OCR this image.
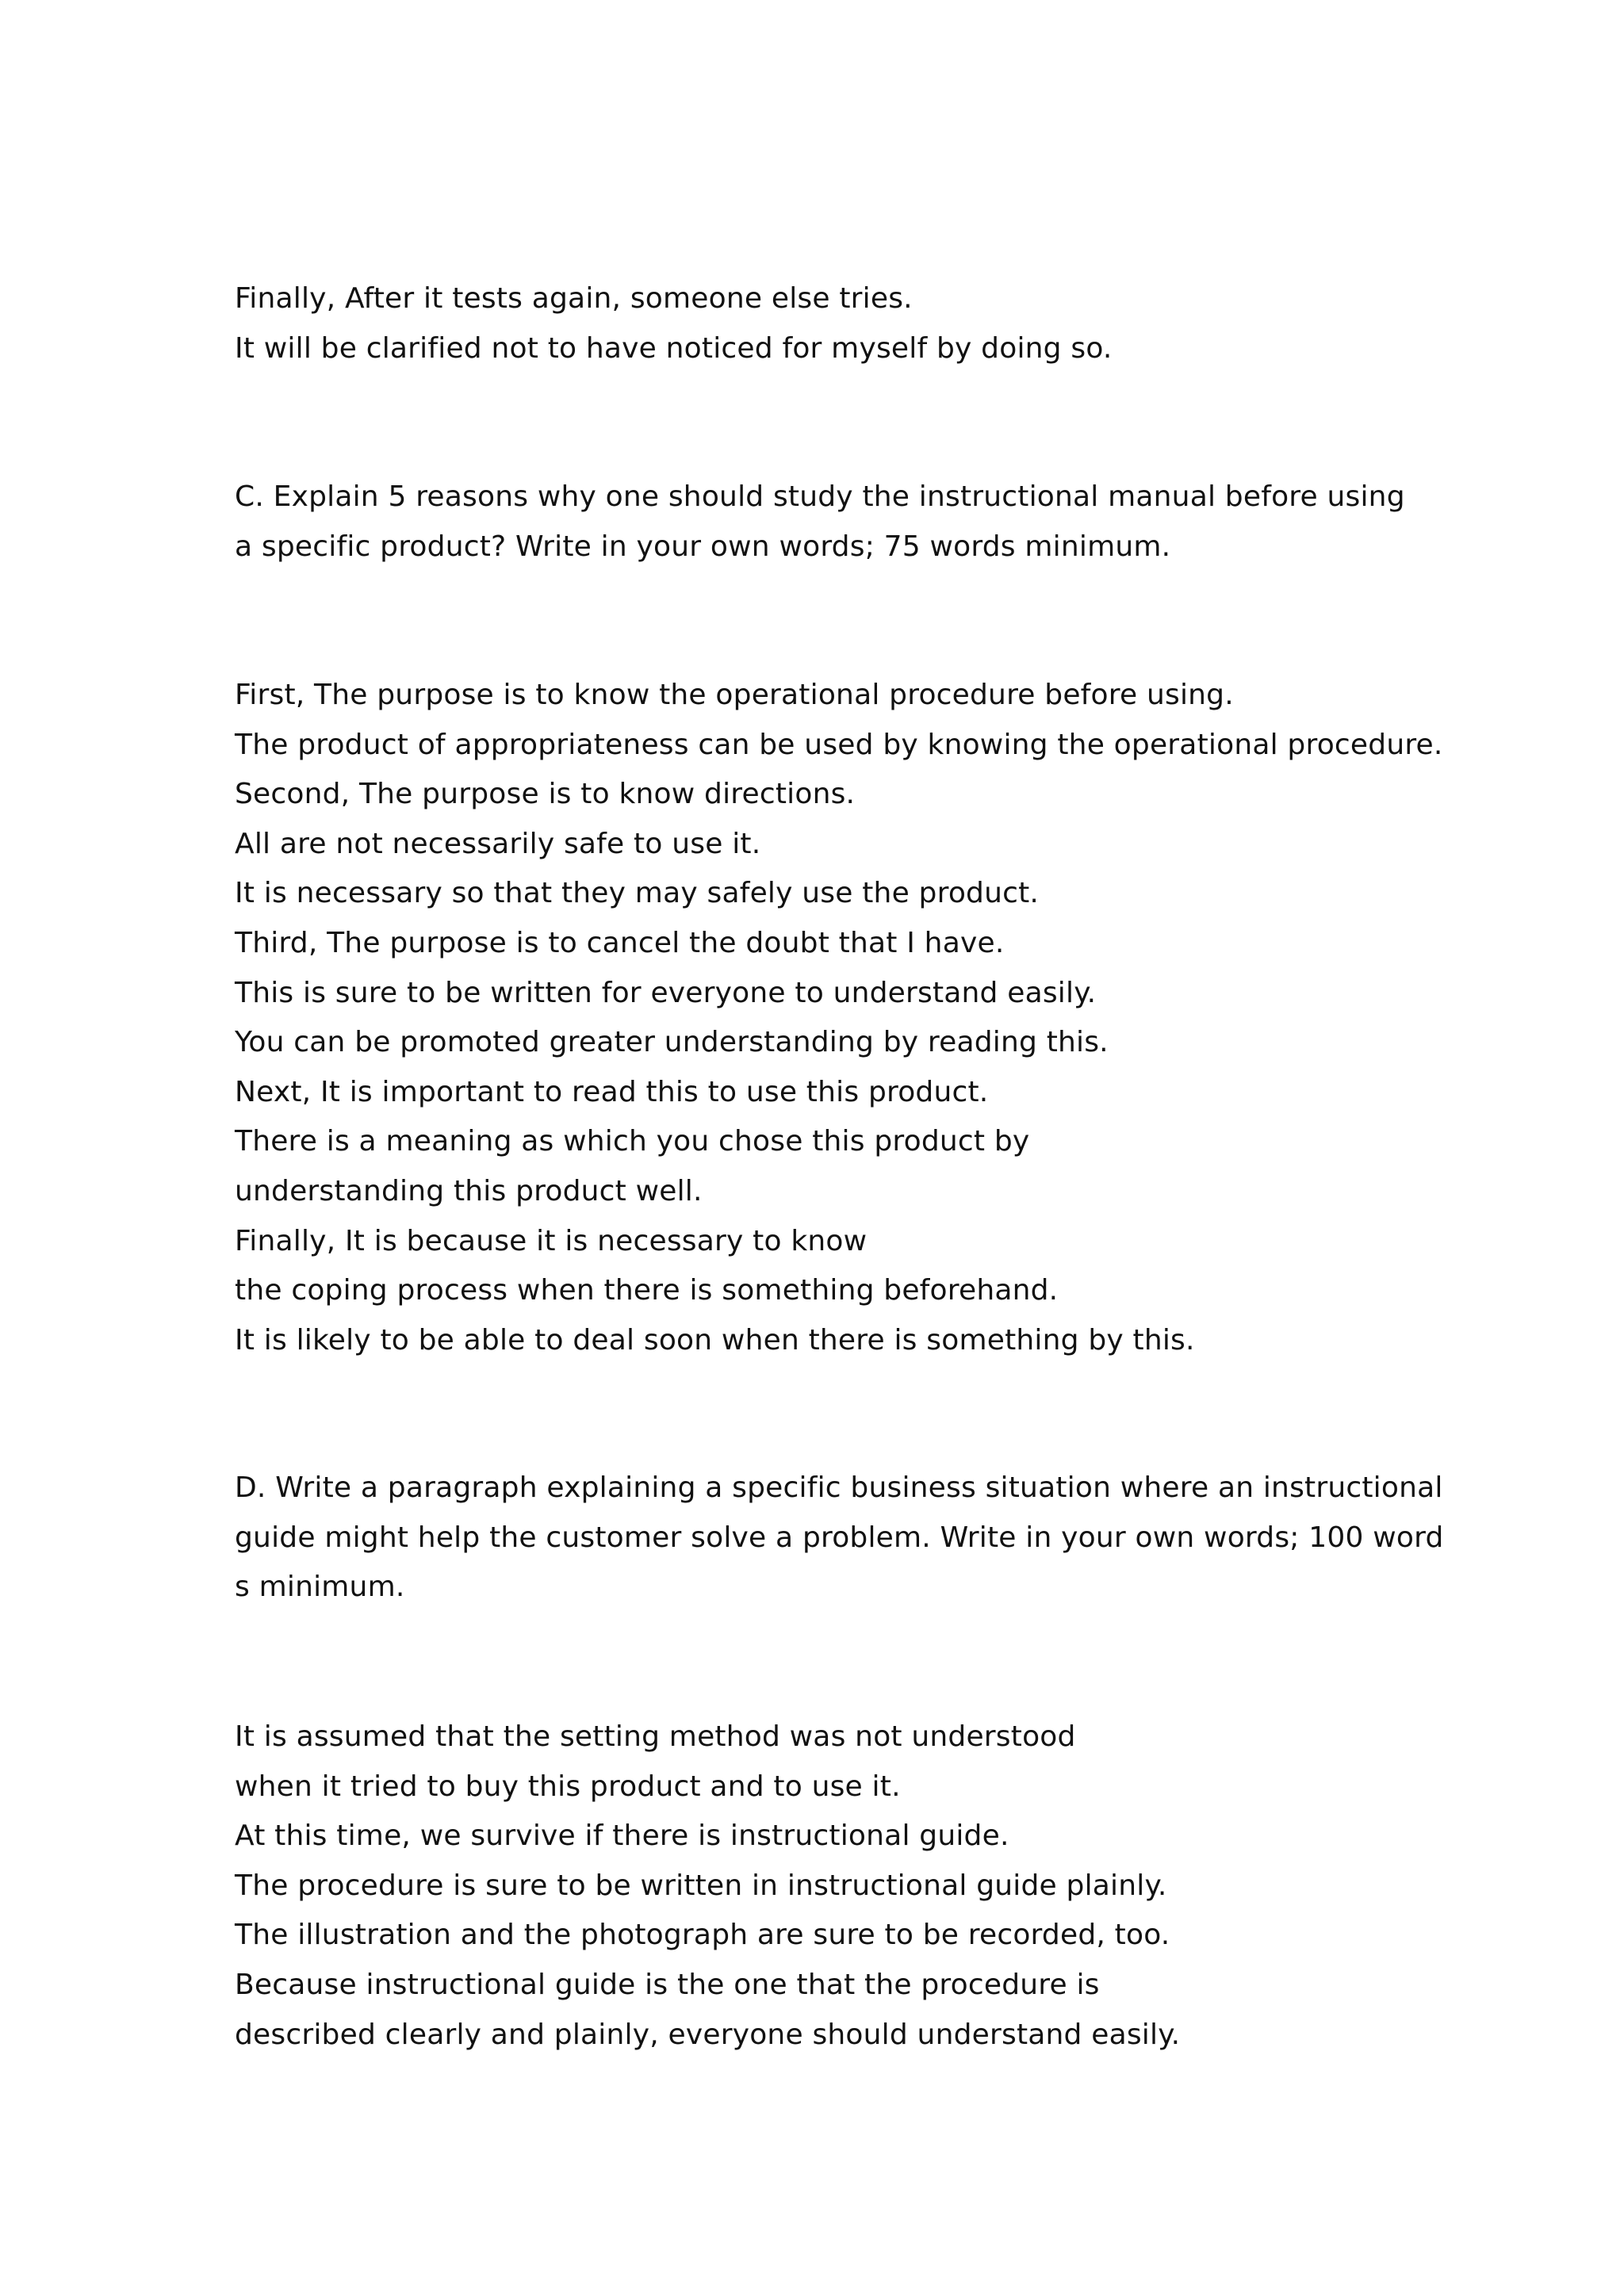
Finally, After it tests again, someone else tries.
It will be clarified not to have noticed for myself by doing so.
C. Explain 5 reasons why one should study the instructional manual before using
a specific product? Write in your own words; 75 words minimum.
First, The purpose is to know the operational procedure before using.
The product of appropriateness can be used by knowing the operational procedure.
Second, The purpose is to know directions.
All are not necessarily safe to use it.
It is necessary so that they may safely use the product.
Third, The purpose is to cancel the doubt that I have.
This is sure to be written for everyone to understand easily.
You can be promoted greater understanding by reading this.
Next, It is important to read this to use this product.
There is a meaning as which you chose this product by
understanding this product well.
Finally, It is because it is necessary to know
the coping process when there is something beforehand.
It is likely to be able to deal soon when there is something by this.
D. Write a paragraph explaining a specific business situation where an instructional
guide might help the customer solve a problem. Write in your own words; 100 word
s minimum.
It is assumed that the setting method was not understood
when it tried to buy this product and to use it.
At this time, we survive if there is instructional guide.
The procedure is sure to be written in instructional guide plainly.
The illustration and the photograph are sure to be recorded, too.
Because instructional guide is the one that the procedure is
described clearly and plainly, everyone should understand easily.
